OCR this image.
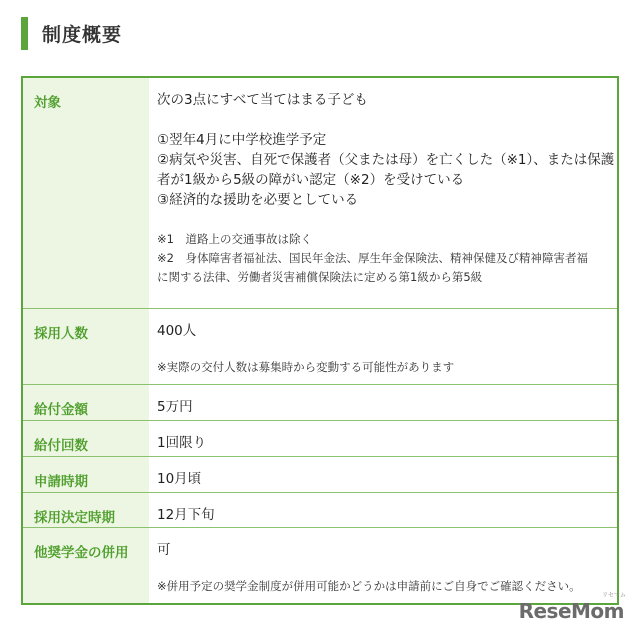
制度概要
対象	次の3点にすべて当てはまる子ども
①翌年4月に中学校進学予定
②病気や災害、自死で保護者（父または母）を亡くした（※1）、または保護
者が1級から5級の障がい認定（※2）を受けている
③経済的な援助を必要としている
※1　道路上の交通事故は除く
※2　身体障害者福祉法、国民年金法、厚生年金保険法、精神保健及び精神障害者福
に関する法律、労働者災害補償保険法に定める第1級から第5級
採用人数	400人
※実際の交付人数は募集時から変動する可能性があります
給付金額	5万円
給付回数	1回限り
申請時期	10月頃
採用決定時期	12月下旬
他奨学金の併用	可
※併用予定の奨学金制度が併用可能かどうかは申請前にご自身でご確認ください。
リセマム
ReseMom
